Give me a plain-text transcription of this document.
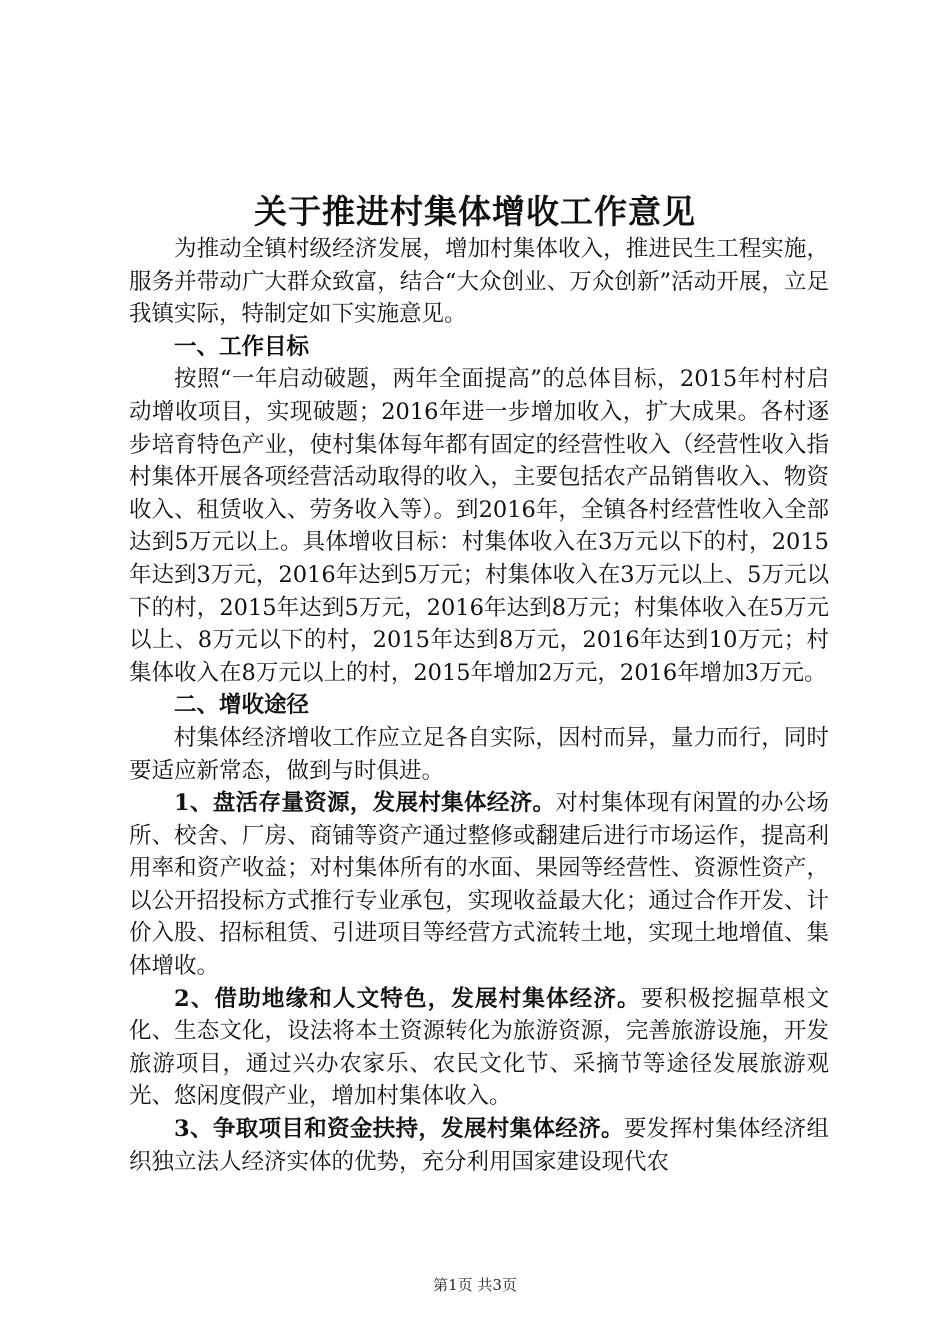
关于推进村集体增收工作意见

为推动全镇村级经济发展，增加村集体收入，推进民生工程实施，服务并带动广大群众致富，结合“大众创业、万众创新”活动开展，立足我镇实际，特制定如下实施意见。

一、工作目标

按照“一年启动破题，两年全面提高”的总体目标，2015年村村启动增收项目，实现破题；2016年进一步增加收入，扩大成果。各村逐步培育特色产业，使村集体每年都有固定的经营性收入（经营性收入指村集体开展各项经营活动取得的收入，主要包括农产品销售收入、物资收入、租赁收入、劳务收入等）。到2016年，全镇各村经营性收入全部达到5万元以上。具体增收目标：村集体收入在3万元以下的村，2015年达到3万元，2016年达到5万元；村集体收入在3万元以上、5万元以下的村，2015年达到5万元，2016年达到8万元；村集体收入在5万元以上、8万元以下的村，2015年达到8万元，2016年达到10万元；村集体收入在8万元以上的村，2015年增加2万元，2016年增加3万元。

二、增收途径

村集体经济增收工作应立足各自实际，因村而异，量力而行，同时要适应新常态，做到与时俱进。

1、盘活存量资源，发展村集体经济。对村集体现有闲置的办公场所、校舍、厂房、商铺等资产通过整修或翻建后进行市场运作，提高利用率和资产收益；对村集体所有的水面、果园等经营性、资源性资产，以公开招投标方式推行专业承包，实现收益最大化；通过合作开发、计价入股、招标租赁、引进项目等经营方式流转土地，实现土地增值、集体增收。

2、借助地缘和人文特色，发展村集体经济。要积极挖掘草根文化、生态文化，设法将本土资源转化为旅游资源，完善旅游设施，开发旅游项目，通过兴办农家乐、农民文化节、采摘节等途径发展旅游观光、悠闲度假产业，增加村集体收入。

3、争取项目和资金扶持，发展村集体经济。要发挥村集体经济组织独立法人经济实体的优势，充分利用国家建设现代农

第1页 共3页
